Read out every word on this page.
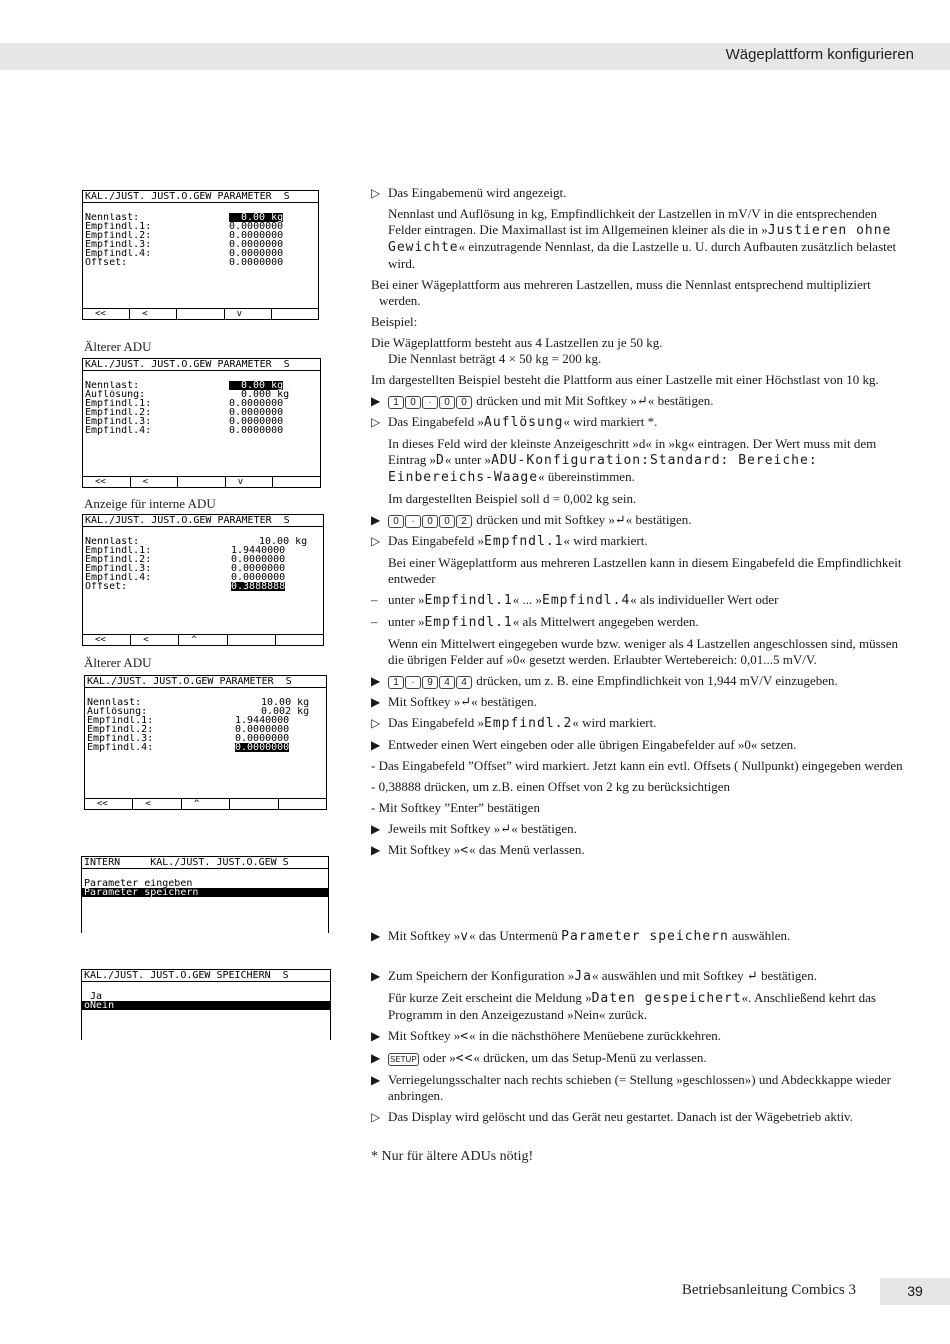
Wägeplattform konfigurieren
KAL./JUST. JUST.O.GEW PARAMETER  S
Nennlast:	0.00 kg
Empfindl.1:	0.0000000
Empfindl.2:	0.0000000
Empfindl.3:	0.0000000
Empfindl.4:	0.0000000
Offset:	0.0000000
<<	<	v
Älterer ADU
KAL./JUST. JUST.O.GEW PARAMETER  S
Nennlast:	0.00 kg
Auflösung:	0.000 kg
Empfindl.1:	0.0000000
Empfindl.2:	0.0000000
Empfindl.3:	0.0000000
Empfindl.4:	0.0000000
<<	<	v
Anzeige für interne ADU
KAL./JUST. JUST.O.GEW PARAMETER  S
Nennlast:	10.00 kg
Empfindl.1:	1.9440000
Empfindl.2:	0.0000000
Empfindl.3:	0.0000000
Empfindl.4:	0.0000000
Offset:	0.3888888
<<	<	^
Älterer ADU
KAL./JUST. JUST.O.GEW PARAMETER  S
Nennlast:	10.00 kg
Auflösung:	0.002 kg
Empfindl.1:	1.9440000
Empfindl.2:	0.0000000
Empfindl.3:	0.0000000
Empfindl.4:	0.0000000
<<	<	^
INTERN     KAL./JUST. JUST.O.GEW S
Parameter eingeben
Parameter speichern
KAL./JUST. JUST.O.GEW SPEICHERN  S
Ja
oNein
▷ Das Eingabemenü wird angezeigt.
Nennlast und Auflösung in kg, Empfindlichkeit der Lastzellen in mV/V in die entsprechenden Felder eintragen. Die Maximallast ist im Allgemeinen kleiner als die in »Justieren ohne Gewichte« einzutragende Nennlast, da die Lastzelle u. U. durch Aufbauten zusätzlich belastet wird.
Bei einer Wägeplattform aus mehreren Lastzellen, muss die Nennlast entsprechend multipliziert werden.
Beispiel:
Die Wägeplattform besteht aus 4 Lastzellen zu je 50 kg.
Die Nennlast beträgt 4 × 50 kg = 200 kg.
Im dargestellten Beispiel besteht die Plattform aus einer Lastzelle mit einer Höchstlast von 10 kg.
▶ 1 0 · 0 0 drücken und mit Mit Softkey »↵« bestätigen.
▷ Das Eingabefeld »Auflösung« wird markiert *.
In dieses Feld wird der kleinste Anzeigeschritt »d« in »kg« eintragen. Der Wert muss mit dem Eintrag »D« unter »ADU-Konfiguration:Standard: Bereiche: Einbereichs-Waage« übereinstimmen.
Im dargestellten Beispiel soll d = 0,002 kg sein.
▶ 0 · 0 0 2 drücken und mit Softkey »↵« bestätigen.
▷ Das Eingabefeld »Empfndl.1« wird markiert.
Bei einer Wägeplattform aus mehreren Lastzellen kann in diesem Eingabefeld die Empfindlichkeit entweder
– unter »Empfindl.1« ... »Empfindl.4« als individueller Wert oder
– unter »Empfindl.1« als Mittelwert angegeben werden.
Wenn ein Mittelwert eingegeben wurde bzw. weniger als 4 Lastzellen angeschlossen sind, müssen die übrigen Felder auf »0« gesetzt werden. Erlaubter Wertebereich: 0,01...5 mV/V.
▶ 1 · 9 4 4 drücken, um z. B. eine Empfindlichkeit von 1,944 mV/V einzugeben.
▶ Mit Softkey »↵« bestätigen.
▷ Das Eingabefeld »Empfindl.2« wird markiert.
▶ Entweder einen Wert eingeben oder alle übrigen Eingabefelder auf »0« setzen.
- Das Eingabefeld ”Offset” wird markiert. Jetzt kann ein evtl. Offsets ( Nullpunkt) eingegeben werden
- 0,38888 drücken, um z.B. einen Offset von 2 kg zu berücksichtigen
- Mit Softkey ”Enter” bestätigen
▶ Jeweils mit Softkey »↵« bestätigen.
▶ Mit Softkey »<« das Menü verlassen.
▶ Mit Softkey »v« das Untermenü Parameter speichern auswählen.
▶ Zum Speichern der Konfiguration »Ja« auswählen und mit Softkey ↵ bestätigen.
Für kurze Zeit erscheint die Meldung »Daten gespeichert«. Anschließend kehrt das Programm in den Anzeigezustand »Nein« zurück.
▶ Mit Softkey »<« in die nächsthöhere Menüebene zurückkehren.
▶ SETUP oder »<<« drücken, um das Setup-Menü zu verlassen.
▶ Verriegelungsschalter nach rechts schieben (= Stellung »geschlossen») und Abdeckkappe wieder anbringen.
▷ Das Display wird gelöscht und das Gerät neu gestartet. Danach ist der Wägebetrieb aktiv.
* Nur für ältere ADUs nötig!
Betriebsanleitung Combics 3	39
